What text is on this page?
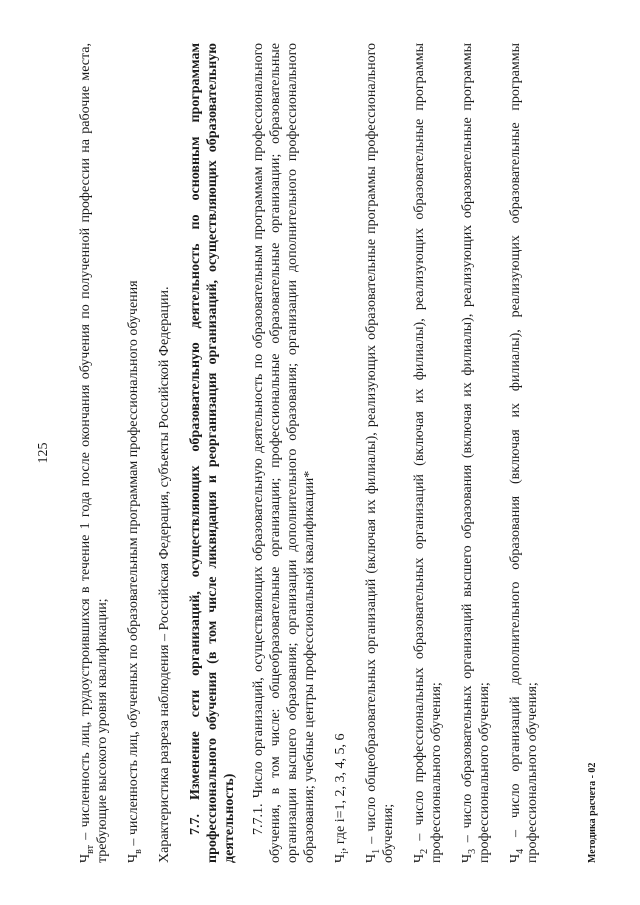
125

$Ч_{вт}$ – численность лиц, трудоустроившихся в течение 1 года после окончания обучения по полученной профессии на рабочие места, требующие высокого уровня квалификации; $Ч_в$ – численность лиц, обученных по образовательным программам профессионального обучения Характеристика разреза наблюдения – Российская Федерация, субъекты Российской Федерации. 7.7. Изменение сети организаций, осуществляющих образовательную деятельность по основным программам профессионального обучения (в том числе ликвидация и реорганизация организаций, осуществляющих образовательную деятельность) 7.7.1. Число организаций, осуществляющих образовательную деятельность по образовательным программам профессионального обучения, в том числе: общеобразовательные организации; профессиональные образовательные организации; образовательные организации высшего образования; организации дополнительного образования; организации дополнительного профессионального образования; учебные центры профессиональной квалификации* $Ч_i$, где i=1, 2, 3, 4, 5, 6

$Ч_1$ – число общеобразовательных организаций (включая их филиалы), реализующих образовательные программы профессионального обучения; $Ч_2$ – число профессиональных образовательных организаций (включая их филиалы), реализующих образовательные программы профессионального обучения; $Ч_3$ – число образовательных организаций высшего образования (включая их филиалы), реализующих образовательные программы профессионального обучения; $Ч_4$ – число организаций дополнительного образования (включая их филиалы), реализующих образовательные программы профессионального обучения;	Методика расчета - 02
